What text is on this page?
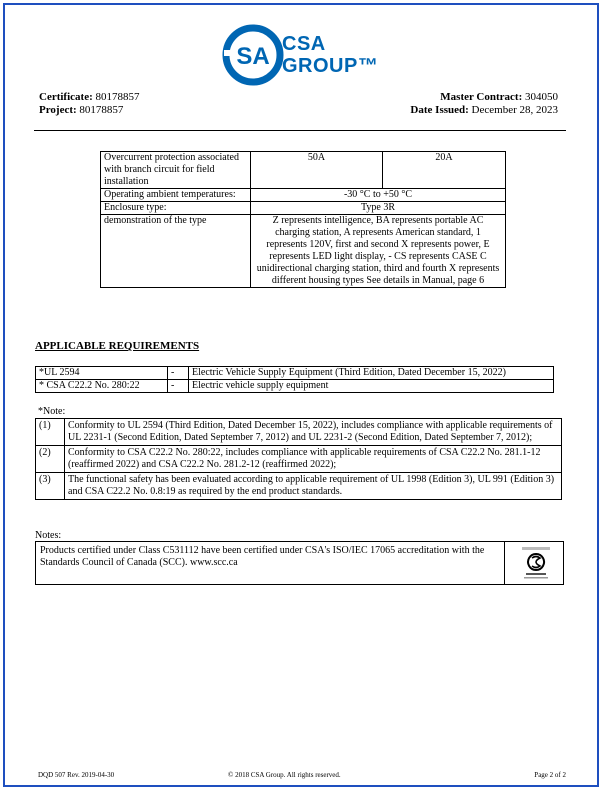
SA CSA
GROUP™
Certificate: 80178857
Project: 80178857
Master Contract: 304050
Date Issued: December 28, 2023
Overcurrent protection associated with branch circuit for field installation	50A	20A
Operating ambient temperatures:	-30 °C to +50 °C	
Enclosure type:	Type 3R	
demonstration of the type	Z represents intelligence, BA represents portable AC charging station, A represents American standard, 1 represents 120V, first and second X represents power, E represents LED light display, - CS represents CASE C unidirectional charging station, third and fourth X represents different housing types See details in Manual, page 6	
APPLICABLE REQUIREMENTS
*UL 2594	-	Electric Vehicle Supply Equipment (Third Edition, Dated December 15, 2022)
* CSA C22.2 No. 280:22	-	Electric vehicle supply equipment
*Note:
(1)	Conformity to UL 2594 (Third Edition, Dated December 15, 2022), includes compliance with applicable requirements of UL 2231-1 (Second Edition, Dated September 7, 2012) and UL 2231-2 (Second Edition, Dated September 7, 2012);
(2)	Conformity to CSA C22.2 No. 280:22, includes compliance with applicable requirements of CSA C22.2 No. 281.1-12 (reaffirmed 2022) and CSA C22.2 No. 281.2-12 (reaffirmed 2022);
(3)	The functional safety has been evaluated according to applicable requirement of UL 1998 (Edition 3), UL 991 (Edition 3) and CSA C22.2 No. 0.8:19 as required by the end product standards.
Notes:
Products certified under Class C531112 have been certified under CSA's ISO/IEC 17065 accreditation with the Standards Council of Canada (SCC). www.scc.ca
DQD 507 Rev. 2019-04-30	© 2018 CSA Group. All rights reserved.	Page 2 of 2
